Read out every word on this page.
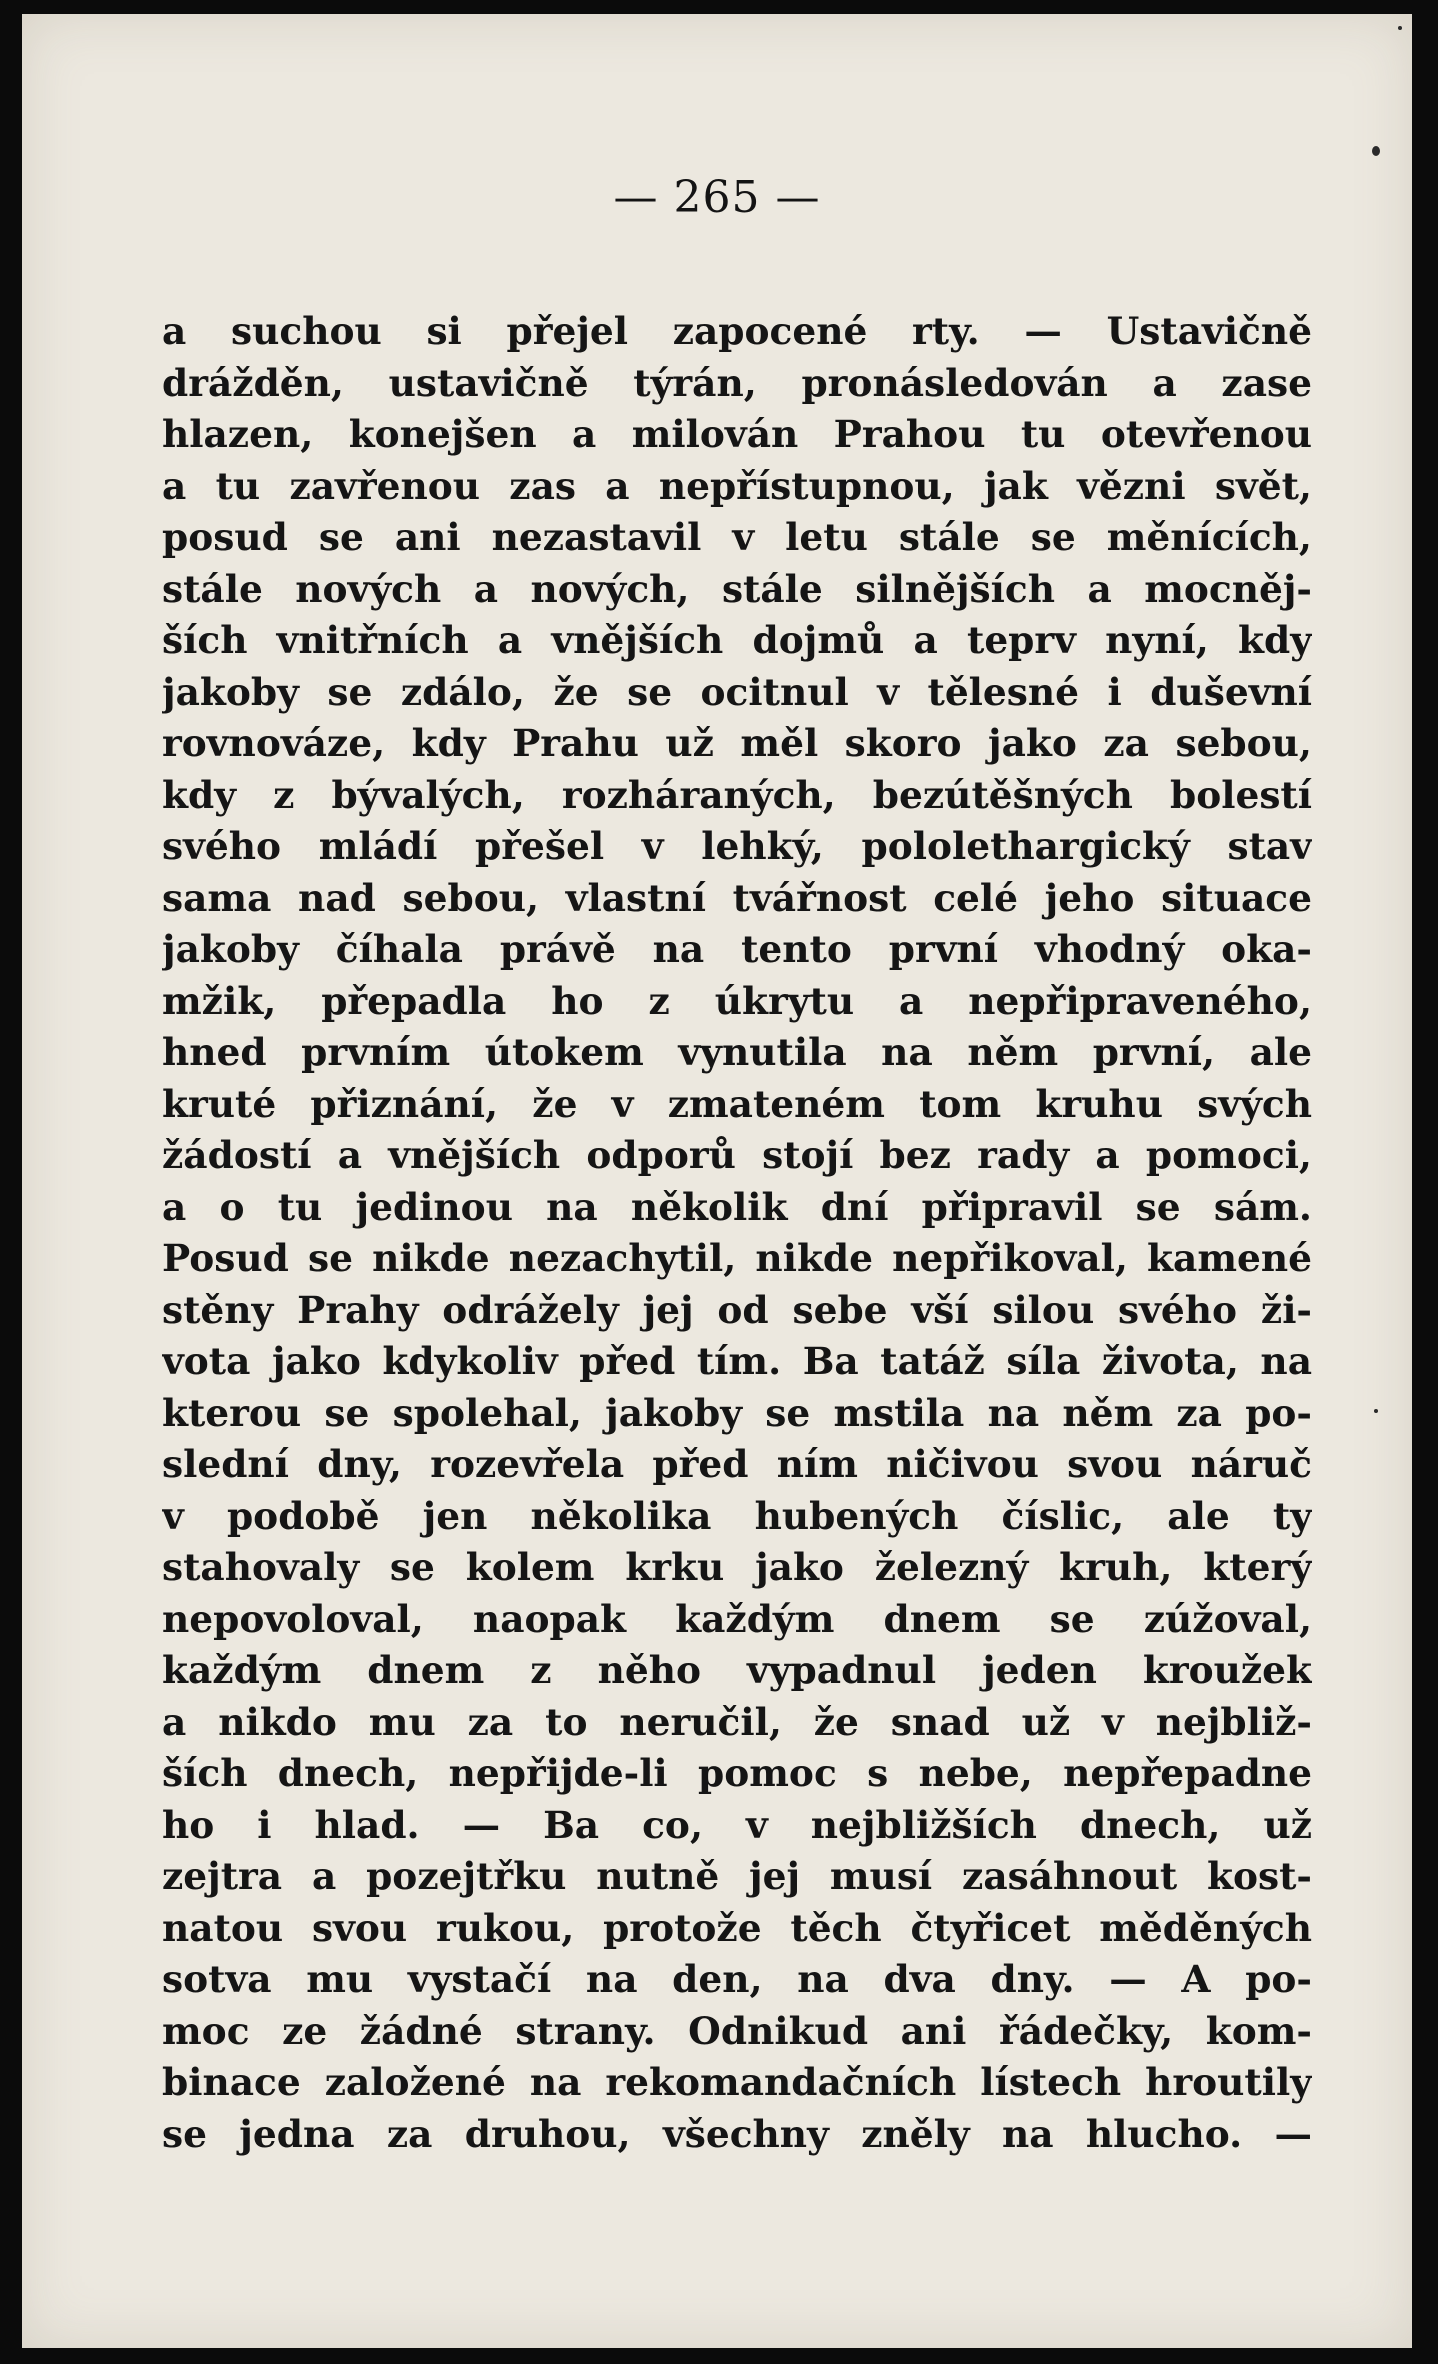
— 265 —
a suchou si přejel zapocené rty. — Ustavičně
drážděn, ustavičně týrán, pronásledován a zase
hlazen, konejšen a milován Prahou tu otevřenou
a tu zavřenou zas a nepřístupnou, jak vězni svět,
posud se ani nezastavil v letu stále se měnících,
stále nových a nových, stále silnějších a mocněj-
ších vnitřních a vnějších dojmů a teprv nyní, kdy
jakoby se zdálo, že se ocitnul v tělesné i duševní
rovnováze, kdy Prahu už měl skoro jako za sebou,
kdy z bývalých, rozháraných, bezútěšných bolestí
svého mládí přešel v lehký, pololethargický stav
sama nad sebou, vlastní tvářnost celé jeho situace
jakoby číhala právě na tento první vhodný oka-
mžik, přepadla ho z úkrytu a nepřipraveného,
hned prvním útokem vynutila na něm první, ale
kruté přiznání, že v zmateném tom kruhu svých
žádostí a vnějších odporů stojí bez rady a pomoci,
a o tu jedinou na několik dní připravil se sám.
Posud se nikde nezachytil, nikde nepřikoval, kamené
stěny Prahy odrážely jej od sebe vší silou svého ži-
vota jako kdykoliv před tím. Ba tatáž síla života, na
kterou se spolehal, jakoby se mstila na něm za po-
slední dny, rozevřela před ním ničivou svou náruč
v podobě jen několika hubených číslic, ale ty
stahovaly se kolem krku jako železný kruh, který
nepovoloval, naopak každým dnem se zúžoval,
každým dnem z něho vypadnul jeden kroužek
a nikdo mu za to neručil, že snad už v nejbliž-
ších dnech, nepřijde-li pomoc s nebe, nepřepadne
ho i hlad. — Ba co, v nejbližších dnech, už
zejtra a pozejtřku nutně jej musí zasáhnout kost-
natou svou rukou, protože těch čtyřicet měděných
sotva mu vystačí na den, na dva dny. — A po-
moc ze žádné strany. Odnikud ani řádečky, kom-
binace založené na rekomandačních lístech hroutily
se jedna za druhou, všechny zněly na hlucho. —
